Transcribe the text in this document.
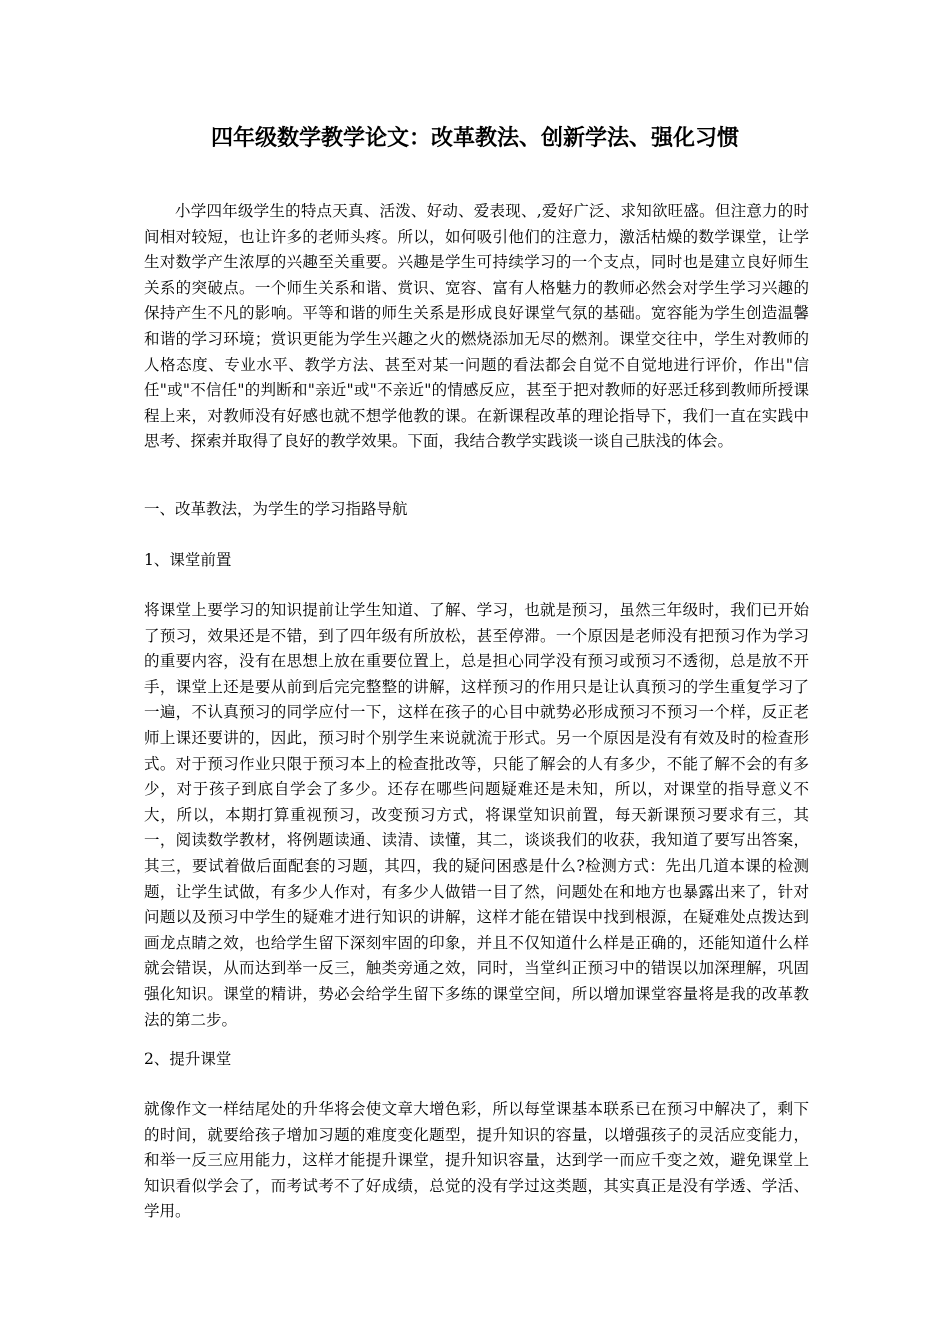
四年级数学教学论文：改革教法、创新学法、强化习惯
小学四年级学生的特点天真、活泼、好动、爱表现、,爱好广泛、求知欲旺盛。但注意力的时间相对较短，也让许多的老师头疼。所以，如何吸引他们的注意力，激活枯燥的数学课堂，让学生对数学产生浓厚的兴趣至关重要。兴趣是学生可持续学习的一个支点，同时也是建立良好师生关系的突破点。一个师生关系和谐、赏识、宽容、富有人格魅力的教师必然会对学生学习兴趣的保持产生不凡的影响。平等和谐的师生关系是形成良好课堂气氛的基础。宽容能为学生创造温馨和谐的学习环境；赏识更能为学生兴趣之火的燃烧添加无尽的燃剂。课堂交往中，学生对教师的人格态度、专业水平、教学方法、甚至对某一问题的看法都会自觉不自觉地进行评价，作出"信任"或"不信任"的判断和"亲近"或"不亲近"的情感反应，甚至于把对教师的好恶迁移到教师所授课程上来，对教师没有好感也就不想学他教的课。在新课程改革的理论指导下，我们一直在实践中思考、探索并取得了良好的教学效果。下面，我结合教学实践谈一谈自己肤浅的体会。
一、改革教法，为学生的学习指路导航
1、课堂前置
将课堂上要学习的知识提前让学生知道、了解、学习，也就是预习，虽然三年级时，我们已开始了预习，效果还是不错，到了四年级有所放松，甚至停滞。一个原因是老师没有把预习作为学习的重要内容，没有在思想上放在重要位置上，总是担心同学没有预习或预习不透彻，总是放不开手，课堂上还是要从前到后完完整整的讲解，这样预习的作用只是让认真预习的学生重复学习了一遍，不认真预习的同学应付一下，这样在孩子的心目中就势必形成预习不预习一个样，反正老师上课还要讲的，因此，预习时个别学生来说就流于形式。另一个原因是没有有效及时的检查形式。对于预习作业只限于预习本上的检查批改等，只能了解会的人有多少，不能了解不会的有多少，对于孩子到底自学会了多少。还存在哪些问题疑难还是未知，所以，对课堂的指导意义不大，所以，本期打算重视预习，改变预习方式，将课堂知识前置，每天新课预习要求有三，其一，阅读数学教材，将例题读通、读清、读懂，其二，谈谈我们的收获，我知道了要写出答案，其三，要试着做后面配套的习题，其四，我的疑问困惑是什么?检测方式：先出几道本课的检测题，让学生试做，有多少人作对，有多少人做错一目了然，问题处在和地方也暴露出来了，针对问题以及预习中学生的疑难才进行知识的讲解，这样才能在错误中找到根源，在疑难处点拨达到画龙点睛之效，也给学生留下深刻牢固的印象，并且不仅知道什么样是正确的，还能知道什么样就会错误，从而达到举一反三，触类旁通之效，同时，当堂纠正预习中的错误以加深理解，巩固强化知识。课堂的精讲，势必会给学生留下多练的课堂空间，所以增加课堂容量将是我的改革教法的第二步。
2、提升课堂
就像作文一样结尾处的升华将会使文章大增色彩，所以每堂课基本联系已在预习中解决了，剩下的时间，就要给孩子增加习题的难度变化题型，提升知识的容量，以增强孩子的灵活应变能力，和举一反三应用能力，这样才能提升课堂，提升知识容量，达到学一而应千变之效，避免课堂上知识看似学会了，而考试考不了好成绩，总觉的没有学过这类题，其实真正是没有学透、学活、学用。
